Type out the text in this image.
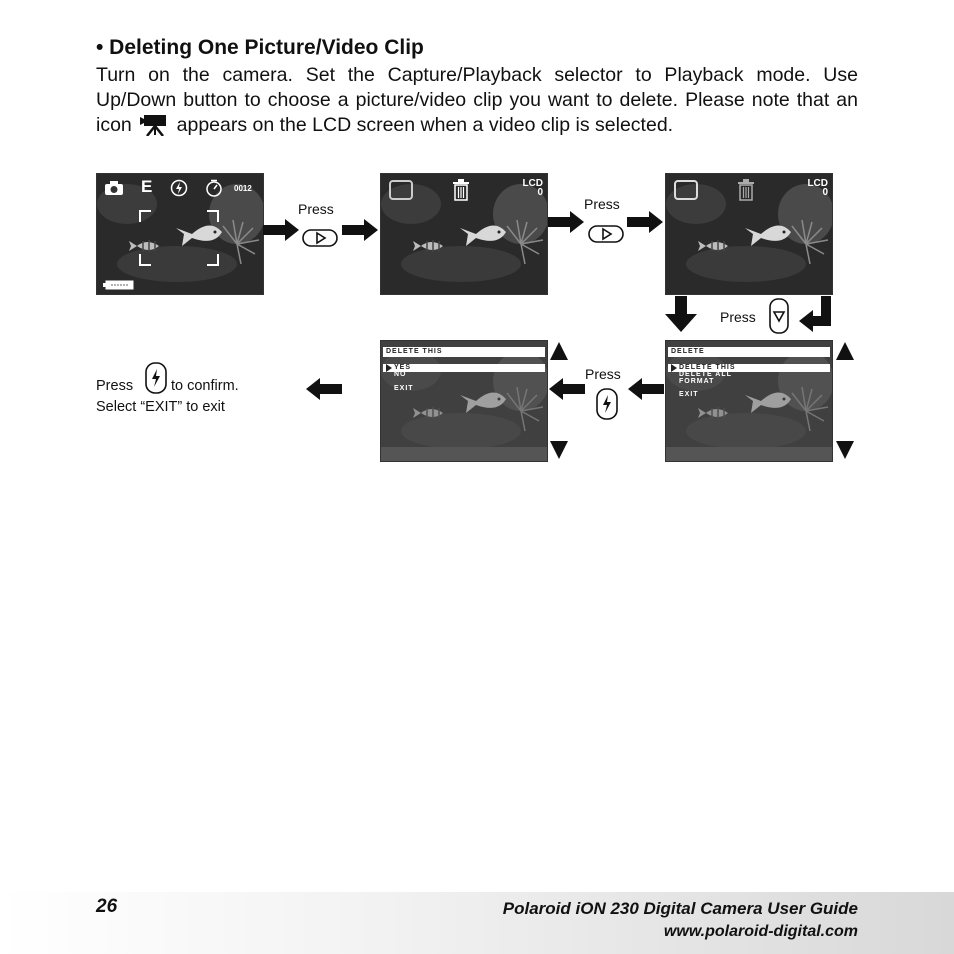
• Deleting One Picture/Video Clip
Turn on the camera. Set the Capture/Playback selector to Playback mode. Use Up/Down button to choose a picture/video clip you want to delete. Please note that an icon appears on the LCD screen when a video clip is selected.
E	0012
Press
LCD
0
Press
LCD
0
Press
DELETE
DELETE THIS
DELETE ALL
FORMAT
EXIT
Press
DELETE THIS
YES
NO
EXIT
Press	to confirm.
Select “EXIT” to exit
26	Polaroid iON 230 Digital Camera User Guide
www.polaroid-digital.com
